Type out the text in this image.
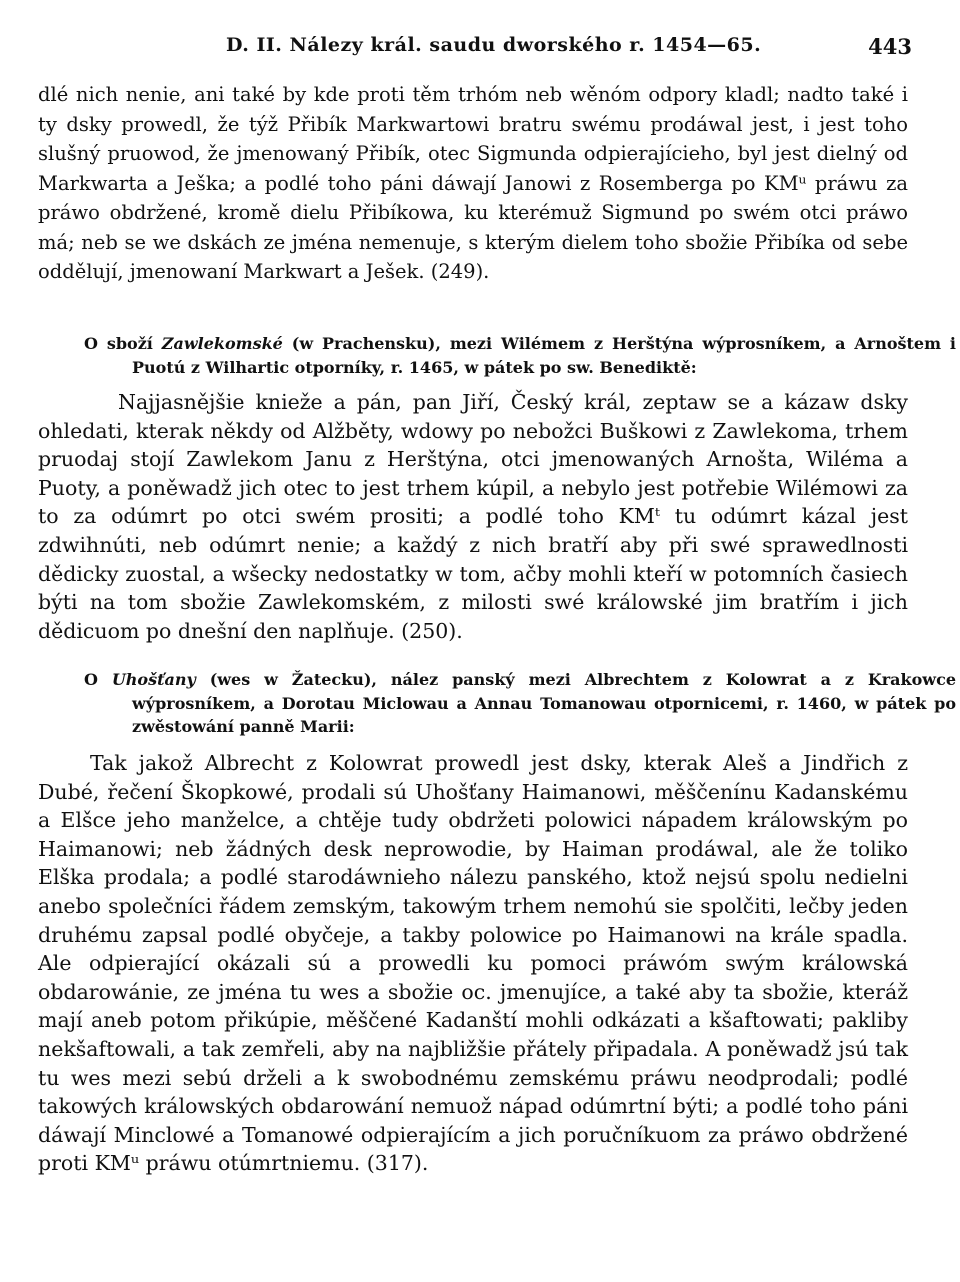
D. II. Nálezy král. saudu dworského r. 1454—65.	443

dlé nich nenie, ani také by kde proti těm trhóm neb wěnóm odpory kladl; nadto také i ty dsky prowedl, že týž Přibík Markwartowi bratru swému prodáwal jest, i jest toho slušný pruowod, že jmenowaný Přibík, otec Sigmunda odpierajícieho, byl jest dielný od Markwarta a Ješka; a podlé toho páni dáwají Janowi z Rosemberga po KMᵘ práwu za práwo obdržené, kromě dielu Přibíkowa, ku kterémuž Sigmund po swém otci práwo má; neb se we dskách ze jména nemenuje, s kterým dielem toho sbožie Přibíka od sebe oddělují, jmenowaní Markwart a Ješek. (249).

O sboží Zawlekomské (w Prachensku), mezi Wilémem z Herštýna wýprosníkem, a Arnoštem i Puotú z Wilhartic otporníky, r. 1465, w pátek po sw. Benediktě:

Najjasnějšie knieže a pán, pan Jiří, Český král, zeptaw se a kázaw dsky ohledati, kterak někdy od Alžběty, wdowy po nebožci Buškowi z Zawlekoma, trhem pruodaj stojí Zawlekom Janu z Herštýna, otci jmenowaných Arnošta, Wiléma a Puoty, a poněwadž jich otec to jest trhem kúpil, a nebylo jest potřebie Wilémowi za to za odúmrt po otci swém prositi; a podlé toho KMᵗ tu odúmrt kázal jest zdwihnúti, neb odúmrt nenie; a každý z nich bratří aby při swé sprawedlnosti dědicky zuostal, a wšecky nedostatky w tom, ačby mohli kteří w potomních časiech býti na tom sbožie Zawlekomském, z milosti swé králowské jim bratřím i jich dědicuom po dnešní den naplňuje. (250).

O Uhošťany (wes w Žatecku), nález panský mezi Albrechtem z Kolowrat a z Krakowce wýprosníkem, a Dorotau Miclowau a Annau Tomanowau otpornicemi, r. 1460, w pátek po zwěstowání panně Marii:

Tak jakož Albrecht z Kolowrat prowedl jest dsky, kterak Aleš a Jindřich z Dubé, řečení Škopkowé, prodali sú Uhošťany Haimanowi, měščenínu Kadanskému a Elšce jeho manželce, a chtěje tudy obdržeti polowici nápadem králowským po Haimanowi; neb žádných desk neprowodie, by Haiman prodáwal, ale že toliko Elška prodala; a podlé starodáwnieho nálezu panského, ktož nejsú spolu nedielni anebo společníci řádem zemským, takowým trhem nemohú sie spolčiti, lečby jeden druhému zapsal podlé obyčeje, a takby polowice po Haimanowi na krále spadla. Ale odpierající okázali sú a prowedli ku pomoci práwóm swým králowská obdarowánie, ze jména tu wes a sbožie oc. jmenujíce, a také aby ta sbožie, kteráž mají aneb potom přikúpie, měščené Kadanští mohli odkázati a kšaftowati; pakliby nekšaftowali, a tak zemřeli, aby na najbližšie přátely připadala. A poněwadž jsú tak tu wes mezi sebú drželi a k swobodnému zemskému práwu neodprodali; podlé takowých králowských obdarowání nemuož nápad odúmrtní býti; a podlé toho páni dáwají Minclowé a Tomanowé odpierajícím a jich poručníkuom za práwo obdržené proti KMᵘ práwu otúmrtniemu. (317).
